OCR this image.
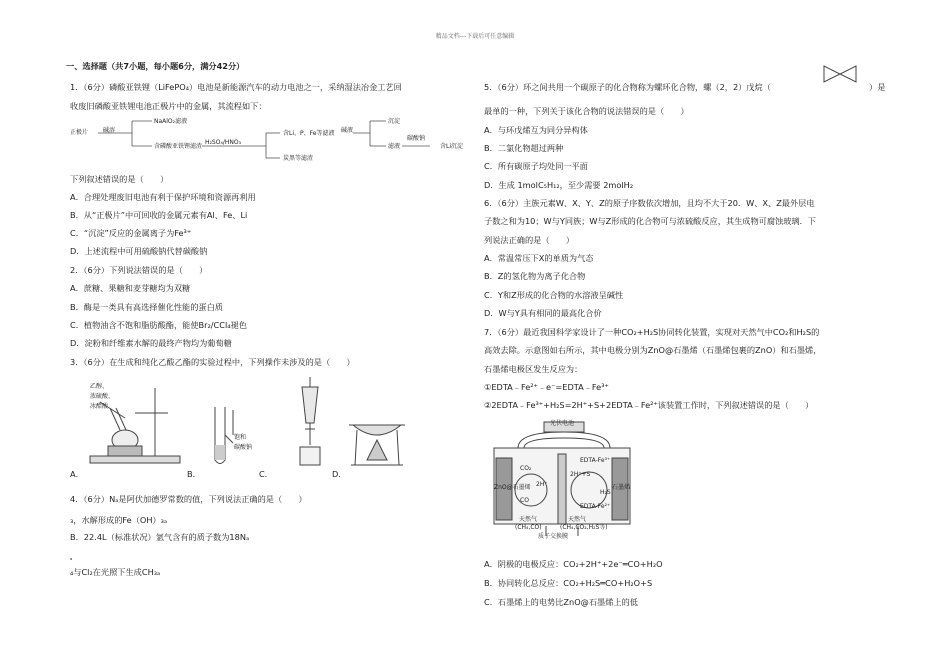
精品文档---下载后可任意编辑
一、选择题（共7小题，每小题6分，满分42分）
1．（6分）磷酸亚铁锂（LiFePO₄）电池是新能源汽车的动力电池之一，采纳湿法冶金工艺回
收废旧磷酸亚铁锂电池正极片中的金属，其流程如下：
正极片 碱溶
NaAlO₂滤液
含磷酸亚铁锂滤渣
H₂SO₄/HNO₃
含Li、P、Fe等滤液
炭黑等滤渣
碱液
沉淀
滤液
碳酸钠
含Li沉淀
下列叙述错误的是（　　）
A．合理处理废旧电池有利于保护环境和资源再利用
B．从“正极片”中可回收的金属元素有Al、Fe、Li
C．“沉淀”反应的金属离子为Fe³⁺
D．上述流程中可用硫酸钠代替碳酸钠
2．（6分）下列说法错误的是（　　）
A．蔗糖、果糖和麦芽糖均为双糖
B．酶是一类具有高选择催化性能的蛋白质
C．植物油含不饱和脂肪酸酯，能使Br₂/CCl₄褪色
D．淀粉和纤维素水解的最终产物均为葡萄糖
3．（6分）在生成和纯化乙酸乙酯的实验过程中，下列操作未涉及的是（　　）
乙醇、
浓硫酸、
冰醋酸
饱和
碳酸钠
A．	B．	C．	D．
4．（6分）Nₐ是阿伏加德罗常数的值，下列说法正确的是（　　）
₃，水解形成的Fe（OH）₃ₐ
B．22.4L（标准状况）氩气含有的质子数为18Nₐ
ₐ
₄与Cl₂在光照下生成CH₃ₐ
5．（6分）环之间共用一个碳原子的化合物称为螺环化合物，螺（2，2）戊烷（	）是
最单的一种，下列关于该化合物的说法错误的是（　　）
A．与环戊烯互为同分异构体
B．二氯化物超过两种
C．所有碳原子均处同一平面
D．生成 1molC₅H₁₂，至少需要 2molH₂
6．（6分）主族元素W、X、Y、Z的原子序数依次增加，且均不大于20．W、X、Z最外层电
子数之和为10；W与Y同族；W与Z形成的化合物可与浓硫酸反应，其生成物可腐蚀玻璃．下
列说法正确的是（　　）
A．常温常压下X的单质为气态
B．Z的氢化物为离子化合物
C．Y和Z形成的化合物的水溶液呈碱性
D．W与Y具有相同的最高化合价
7．（6分）最近我国科学家设计了一种CO₂+H₂S协同转化装置，实现对天然气中CO₂和H₂S的
高效去除。示意图如右所示，其中电极分别为ZnO@石墨烯（石墨烯包裹的ZnO）和石墨烯，
石墨烯电极区发生反应为：
①EDTA﹣Fe²⁺﹣e⁻=EDTA﹣Fe³⁺
②2EDTA﹣Fe³⁺+H₂S=2H⁺+S+2EDTA﹣Fe²⁺该装置工作时，下列叙述错误的是（　　）
光伏电池
ZnO@石墨烯	石墨烯
CO₂
CO
2H⁺
EDTA-Fe³⁺
EDTA-Fe²⁺
2H⁺+S
H₂S
天然气
(CH₄,CO)
天然气
(CH₄,CO₂,H₂S等)
质子交换膜
A．阴极的电极反应：CO₂+2H⁺+2e⁻═CO+H₂O
B．协同转化总反应：CO₂+H₂S═CO+H₂O+S
C．石墨烯上的电势比ZnO@石墨烯上的低
